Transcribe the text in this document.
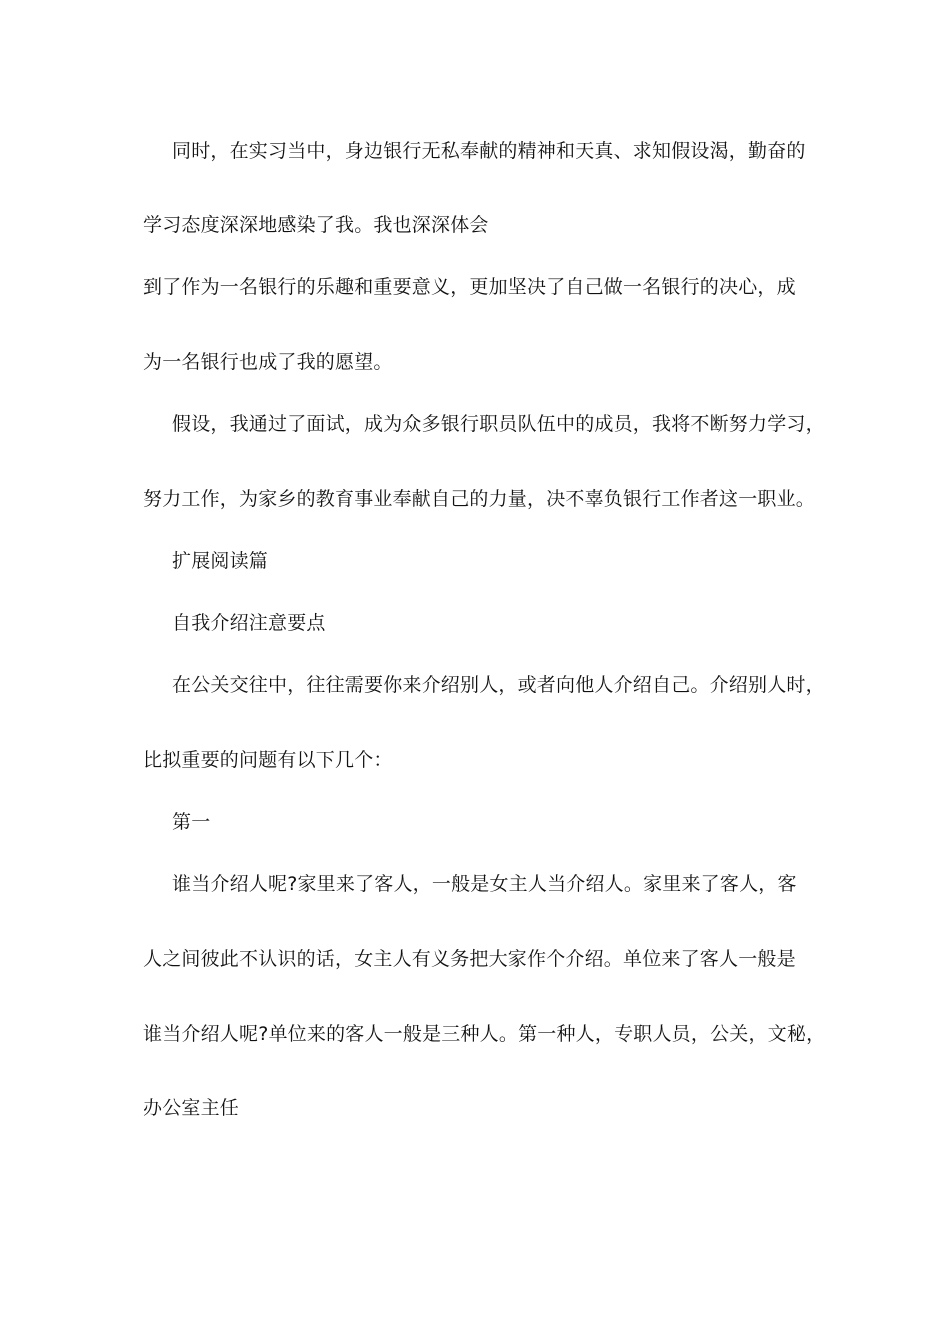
同时，在实习当中，身边银行无私奉献的精神和天真、求知假设渴，勤奋的
学习态度深深地感染了我。我也深深体会
到了作为一名银行的乐趣和重要意义，更加坚决了自己做一名银行的决心，成
为一名银行也成了我的愿望。
假设，我通过了面试，成为众多银行职员队伍中的成员，我将不断努力学习，
努力工作，为家乡的教育事业奉献自己的力量，决不辜负银行工作者这一职业。
扩展阅读篇
自我介绍注意要点
在公关交往中，往往需要你来介绍别人，或者向他人介绍自己。介绍别人时，
比拟重要的问题有以下几个：
第一
谁当介绍人呢?家里来了客人，一般是女主人当介绍人。家里来了客人，客
人之间彼此不认识的话，女主人有义务把大家作个介绍。单位来了客人一般是
谁当介绍人呢?单位来的客人一般是三种人。第一种人，专职人员，公关，文秘，
办公室主任
